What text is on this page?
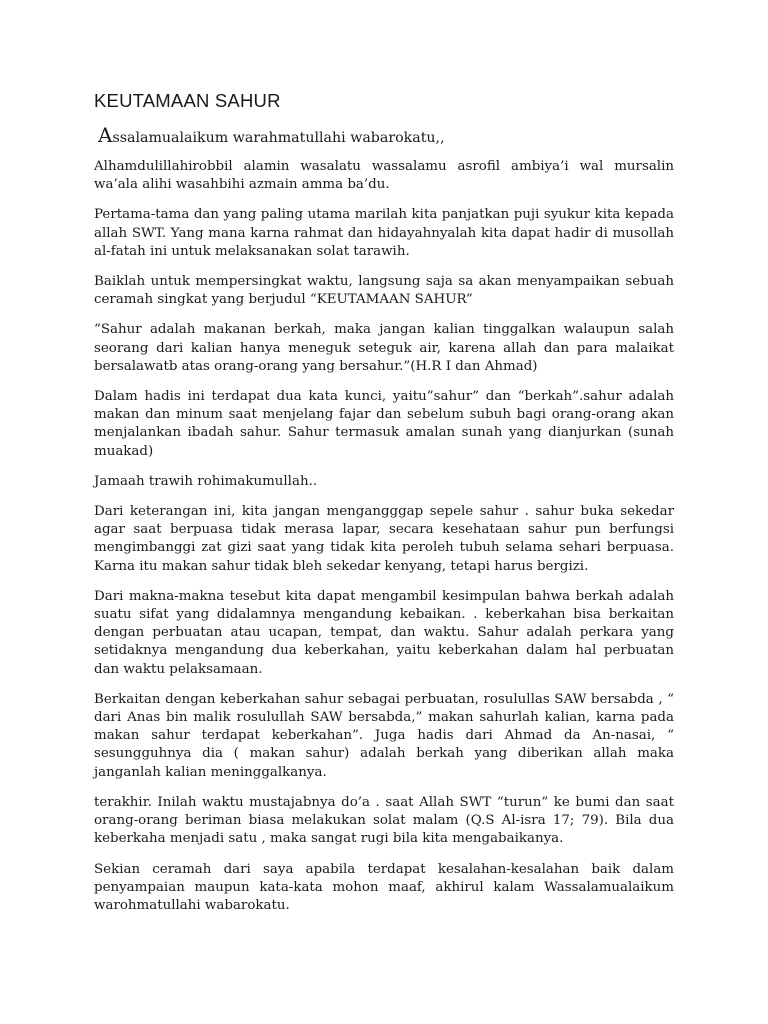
KEUTAMAAN SAHUR

Assalamualaikum warahmatullahi wabarokatu,,

Alhamdulillahirobbil alamin wasalatu wassalamu asrofil ambiya’i wal mursalin wa’ala alihi wasahbihi azmain amma ba’du.

Pertama-tama dan yang paling utama marilah kita panjatkan puji syukur kita kepada allah SWT. Yang mana karna rahmat dan hidayahnyalah kita dapat hadir di musollah al-fatah ini untuk melaksanakan solat tarawih.

Baiklah untuk mempersingkat waktu, langsung saja sa akan menyampaikan sebuah ceramah singkat yang berjudul “KEUTAMAAN SAHUR”

“Sahur adalah makanan berkah, maka jangan kalian tinggalkan walaupun salah seorang dari kalian hanya meneguk seteguk air, karena allah dan para malaikat bersalawatb atas orang-orang yang bersahur.”(H.R I dan Ahmad)

Dalam hadis ini terdapat dua kata kunci, yaitu”sahur” dan “berkah”.sahur adalah makan dan minum saat menjelang fajar dan sebelum subuh bagi orang-orang akan menjalankan ibadah sahur. Sahur termasuk amalan sunah yang dianjurkan (sunah muakad)

Jamaah trawih rohimakumullah..

Dari keterangan ini, kita jangan mengangggap sepele sahur . sahur buka sekedar agar saat berpuasa tidak merasa lapar, secara kesehataan sahur pun berfungsi mengimbanggi zat gizi saat yang tidak kita peroleh tubuh selama sehari berpuasa. Karna itu makan sahur tidak bleh sekedar kenyang, tetapi harus bergizi.

Dari makna-makna tesebut kita dapat mengambil kesimpulan bahwa berkah adalah suatu sifat yang didalamnya mengandung kebaikan. . keberkahan bisa berkaitan dengan perbuatan atau ucapan, tempat, dan waktu. Sahur adalah perkara yang setidaknya mengandung dua keberkahan, yaitu keberkahan dalam hal perbuatan dan waktu pelaksamaan.

Berkaitan dengan keberkahan sahur sebagai perbuatan, rosulullas SAW bersabda , “ dari Anas bin malik rosulullah SAW bersabda,” makan sahurlah kalian, karna pada makan sahur terdapat keberkahan”. Juga hadis dari Ahmad da An-nasai, “ sesungguhnya dia ( makan sahur) adalah berkah yang diberikan allah maka janganlah kalian meninggalkanya.

terakhir. Inilah waktu mustajabnya do’a . saat Allah SWT “turun” ke bumi dan saat orang-orang beriman biasa melakukan solat malam (Q.S Al-isra 17; 79). Bila dua keberkaha menjadi satu , maka sangat rugi bila kita mengabaikanya.

Sekian ceramah dari saya apabila terdapat kesalahan-kesalahan baik dalam penyampaian maupun kata-kata mohon maaf, akhirul kalam Wassalamualaikum warohmatullahi wabarokatu.
